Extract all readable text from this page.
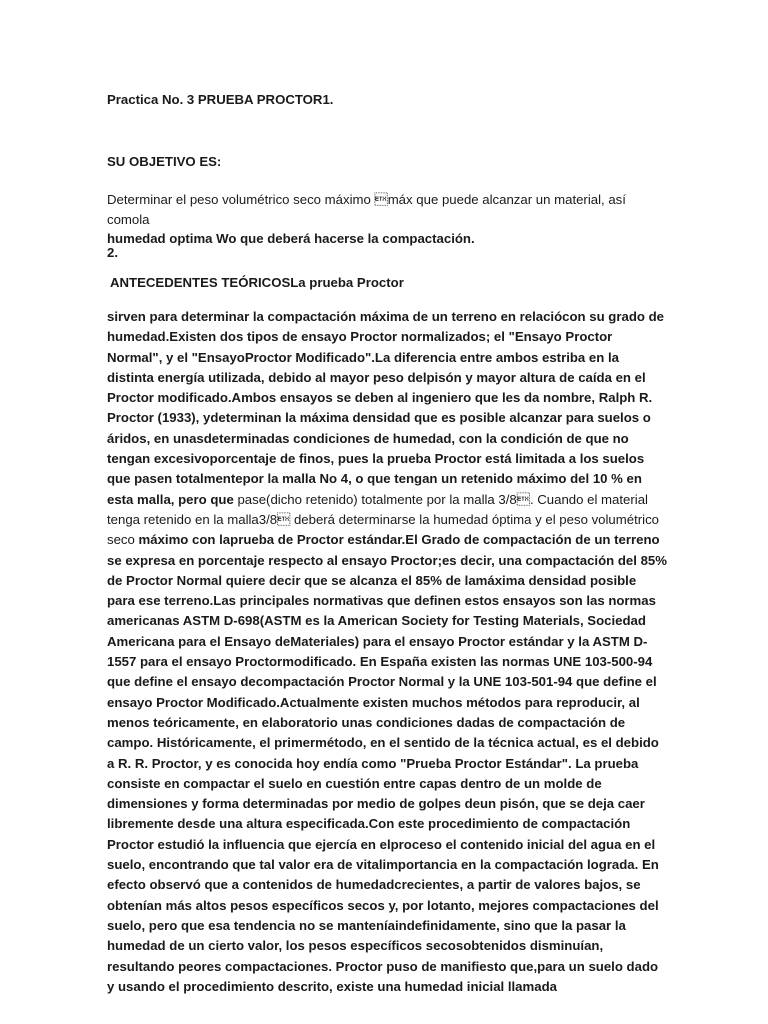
Practica No. 3 PRUEBA PROCTOR1.
SU OBJETIVO ES:
Determinar el peso volumétrico seco máximo máx que puede alcanzar un material, así comola
humedad optima Wo que deberá hacerse la compactación.
2.
ANTECEDENTES TEÓRICOSLa prueba Proctor
sirven para determinar la compactación máxima de un terreno en relaciócon su grado de humedad.Existen dos tipos de ensayo Proctor normalizados; el "Ensayo Proctor Normal", y el "EnsayoProctor Modificado".La diferencia entre ambos estriba en la distinta energía utilizada, debido al mayor peso delpisón y mayor altura de caída en el Proctor modificado.Ambos ensayos se deben al ingeniero que les da nombre, Ralph R. Proctor (1933), ydeterminan la máxima densidad que es posible alcanzar para suelos o áridos, en unasdeterminadas condiciones de humedad, con la condición de que no tengan excesivoporcentaje de finos, pues la prueba Proctor está limitada a los suelos que pasen totalmentepor la malla No 4, o que tengan un retenido máximo del 10 % en esta malla, pero que pase(dicho retenido) totalmente por la malla 3/8. Cuando el material tenga retenido en la malla3/8 deberá determinarse la humedad óptima y el peso volumétrico seco máximo con laprueba de Proctor estándar.El Grado de compactación de un terreno se expresa en porcentaje respecto al ensayo Proctor;es decir, una compactación del 85% de Proctor Normal quiere decir que se alcanza el 85% de lamáxima densidad posible para ese terreno.Las principales normativas que definen estos ensayos son las normas americanas ASTM D-698(ASTM es la American Society for Testing Materials, Sociedad Americana para el Ensayo deMateriales) para el ensayo Proctor estándar y la ASTM D-1557 para el ensayo Proctormodificado. En España existen las normas UNE 103-500-94 que define el ensayo decompactación Proctor Normal y la UNE 103-501-94 que define el ensayo Proctor Modificado.Actualmente existen muchos métodos para reproducir, al menos teóricamente, en elaboratorio unas condiciones dadas de compactación de campo. Históricamente, el primermétodo, en el sentido de la técnica actual, es el debido a R. R. Proctor, y es conocida hoy endía como "Prueba Proctor Estándar". La prueba consiste en compactar el suelo en cuestión entre capas dentro de un molde de dimensiones y forma determinadas por medio de golpes deun pisón, que se deja caer libremente desde una altura especificada.Con este procedimiento de compactación Proctor estudió la influencia que ejercía en elproceso el contenido inicial del agua en el suelo, encontrando que tal valor era de vitalimportancia en la compactación lograda. En efecto observó que a contenidos de humedadcrecientes, a partir de valores bajos, se obtenían más altos pesos específicos secos y, por lotanto, mejores compactaciones del suelo, pero que esa tendencia no se manteníaindefinidamente, sino que la pasar la humedad de un cierto valor, los pesos específicos secosobtenidos disminuían, resultando peores compactaciones. Proctor puso de manifiesto que,para un suelo dado y usando el procedimiento descrito, existe una humedad inicial llamada
